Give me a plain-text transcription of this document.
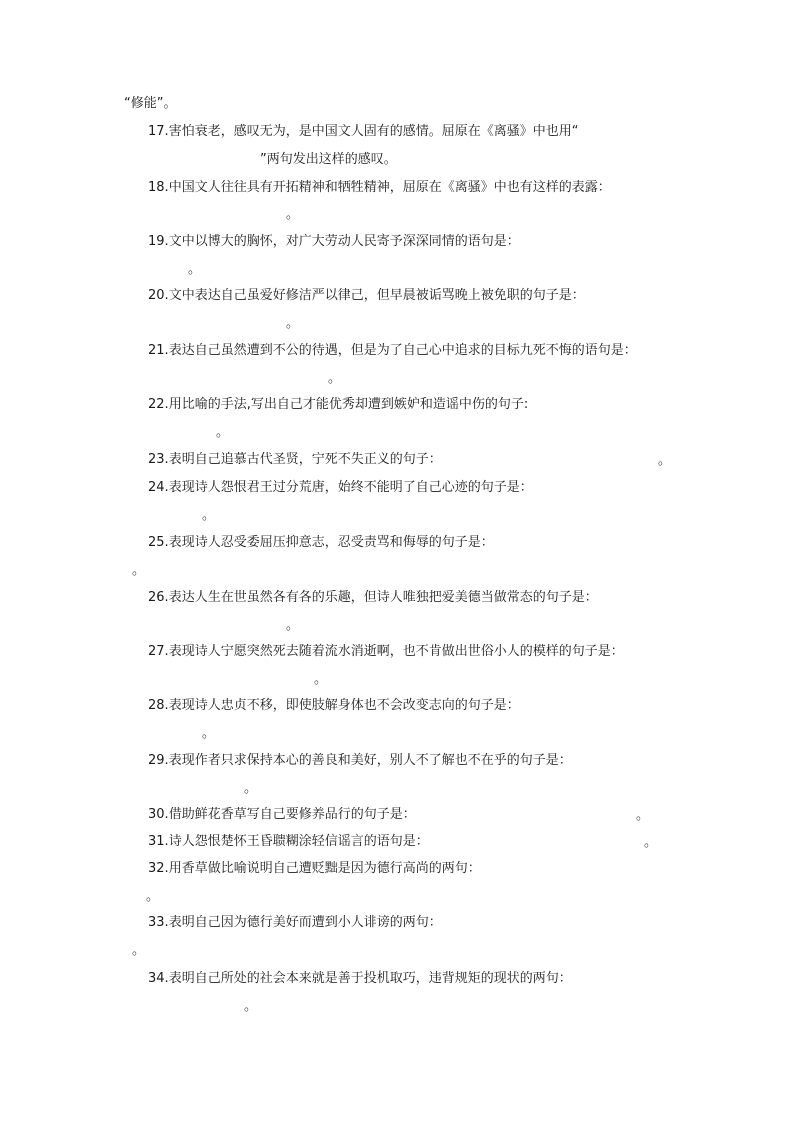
“修能”。
17.害怕衰老，感叹无为，是中国文人固有的感情。屈原在《离骚》中也用“
”两句发出这样的感叹。
18.中国文人往往具有开拓精神和牺牲精神，屈原在《离骚》中也有这样的表露：
。
19.文中以博大的胸怀，对广大劳动人民寄予深深同情的语句是：
。
20.文中表达自己虽爱好修洁严以律己，但早晨被诟骂晚上被免职的句子是：
。
21.表达自己虽然遭到不公的待遇，但是为了自己心中追求的目标九死不悔的语句是：
。
22.用比喻的手法,写出自己才能优秀却遭到嫉妒和造谣中伤的句子:
。
23.表明自己追慕古代圣贤，宁死不失正义的句子：	。
24.表现诗人怨恨君王过分荒唐，始终不能明了自己心迹的句子是：
。
25.表现诗人忍受委屈压抑意志，忍受责骂和侮辱的句子是：
。
26.表达人生在世虽然各有各的乐趣，但诗人唯独把爱美德当做常态的句子是：
。
27.表现诗人宁愿突然死去随着流水消逝啊，也不肯做出世俗小人的模样的句子是：
。
28.表现诗人忠贞不移，即使肢解身体也不会改变志向的句子是：
。
29.表现作者只求保持本心的善良和美好，别人不了解也不在乎的句子是：
。
30.借助鲜花香草写自己要修养品行的句子是：	。
31.诗人怨恨楚怀王昏聩糊涂轻信谣言的语句是：	。
32.用香草做比喻说明自己遭贬黜是因为德行高尚的两句：
。
33.表明自己因为德行美好而遭到小人诽谤的两句：
。
34.表明自己所处的社会本来就是善于投机取巧，违背规矩的现状的两句：
。
